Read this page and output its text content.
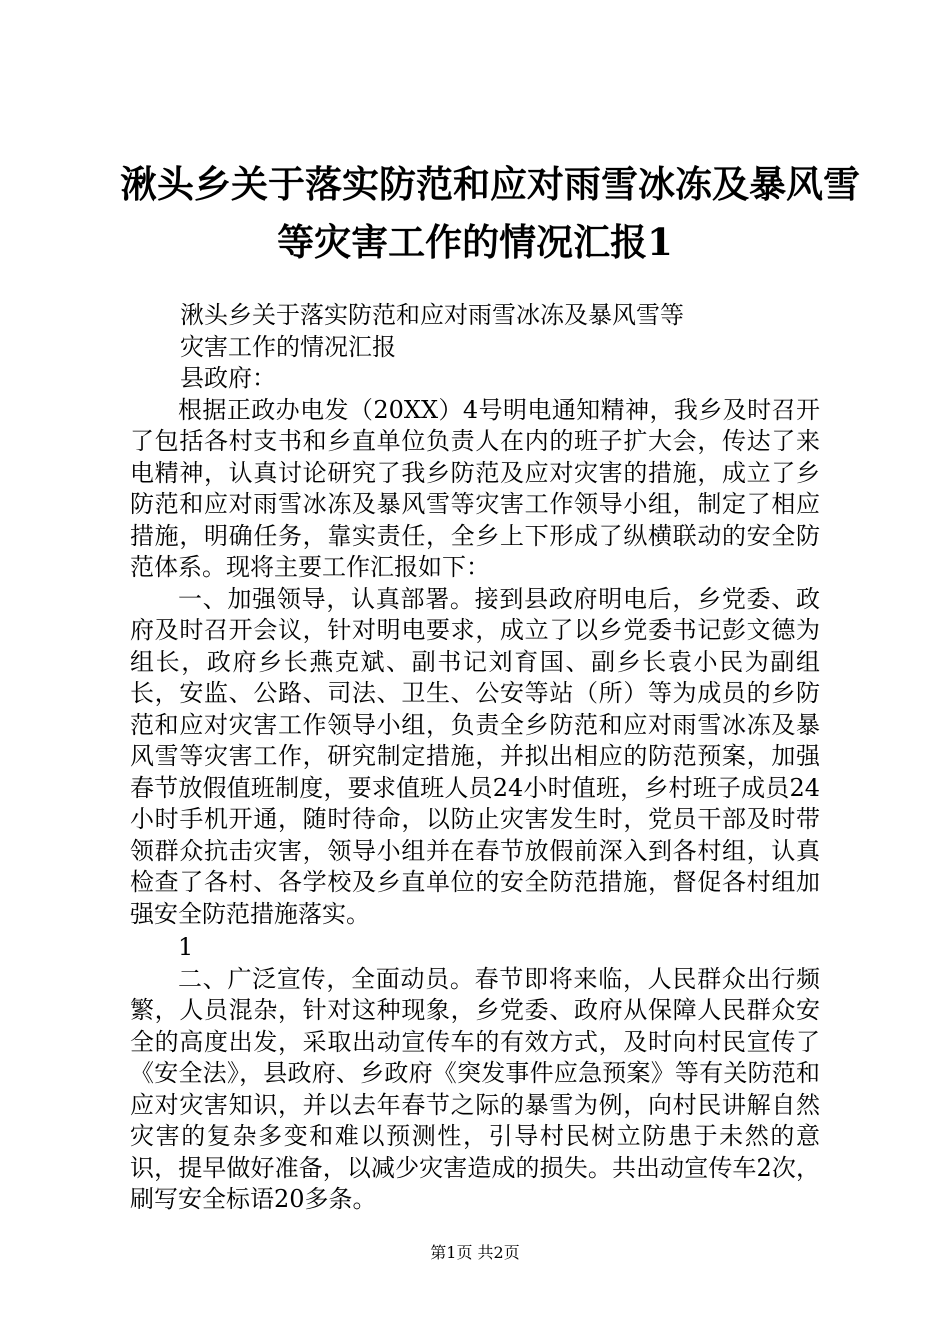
湫头乡关于落实防范和应对雨雪冰冻及暴风雪
等灾害工作的情况汇报1

湫头乡关于落实防范和应对雨雪冰冻及暴风雪等

灾害工作的情况汇报

县政府：

根据正政办电发（20XX）4号明电通知精神，我乡及时召开了包括各村支书和乡直单位负责人在内的班子扩大会，传达了来电精神，认真讨论研究了我乡防范及应对灾害的措施，成立了乡防范和应对雨雪冰冻及暴风雪等灾害工作领导小组，制定了相应措施，明确任务，靠实责任，全乡上下形成了纵横联动的安全防范体系。现将主要工作汇报如下：

一、加强领导，认真部署。接到县政府明电后，乡党委、政府及时召开会议，针对明电要求，成立了以乡党委书记彭文德为组长，政府乡长燕克斌、副书记刘育国、副乡长袁小民为副组长，安监、公路、司法、卫生、公安等站（所）等为成员的乡防范和应对灾害工作领导小组，负责全乡防范和应对雨雪冰冻及暴风雪等灾害工作，研究制定措施，并拟出相应的防范预案，加强春节放假值班制度，要求值班人员24小时值班，乡村班子成员24小时手机开通，随时待命，以防止灾害发生时，党员干部及时带领群众抗击灾害，领导小组并在春节放假前深入到各村组，认真检查了各村、各学校及乡直单位的安全防范措施，督促各村组加强安全防范措施落实。

1

二、广泛宣传，全面动员。春节即将来临，人民群众出行频繁，人员混杂，针对这种现象，乡党委、政府从保障人民群众安全的高度出发，采取出动宣传车的有效方式，及时向村民宣传了《安全法》，县政府、乡政府《突发事件应急预案》等有关防范和应对灾害知识，并以去年春节之际的暴雪为例，向村民讲解自然灾害的复杂多变和难以预测性，引导村民树立防患于未然的意识，提早做好准备，以减少灾害造成的损失。共出动宣传车2次，刷写安全标语20多条。

第1页 共2页
